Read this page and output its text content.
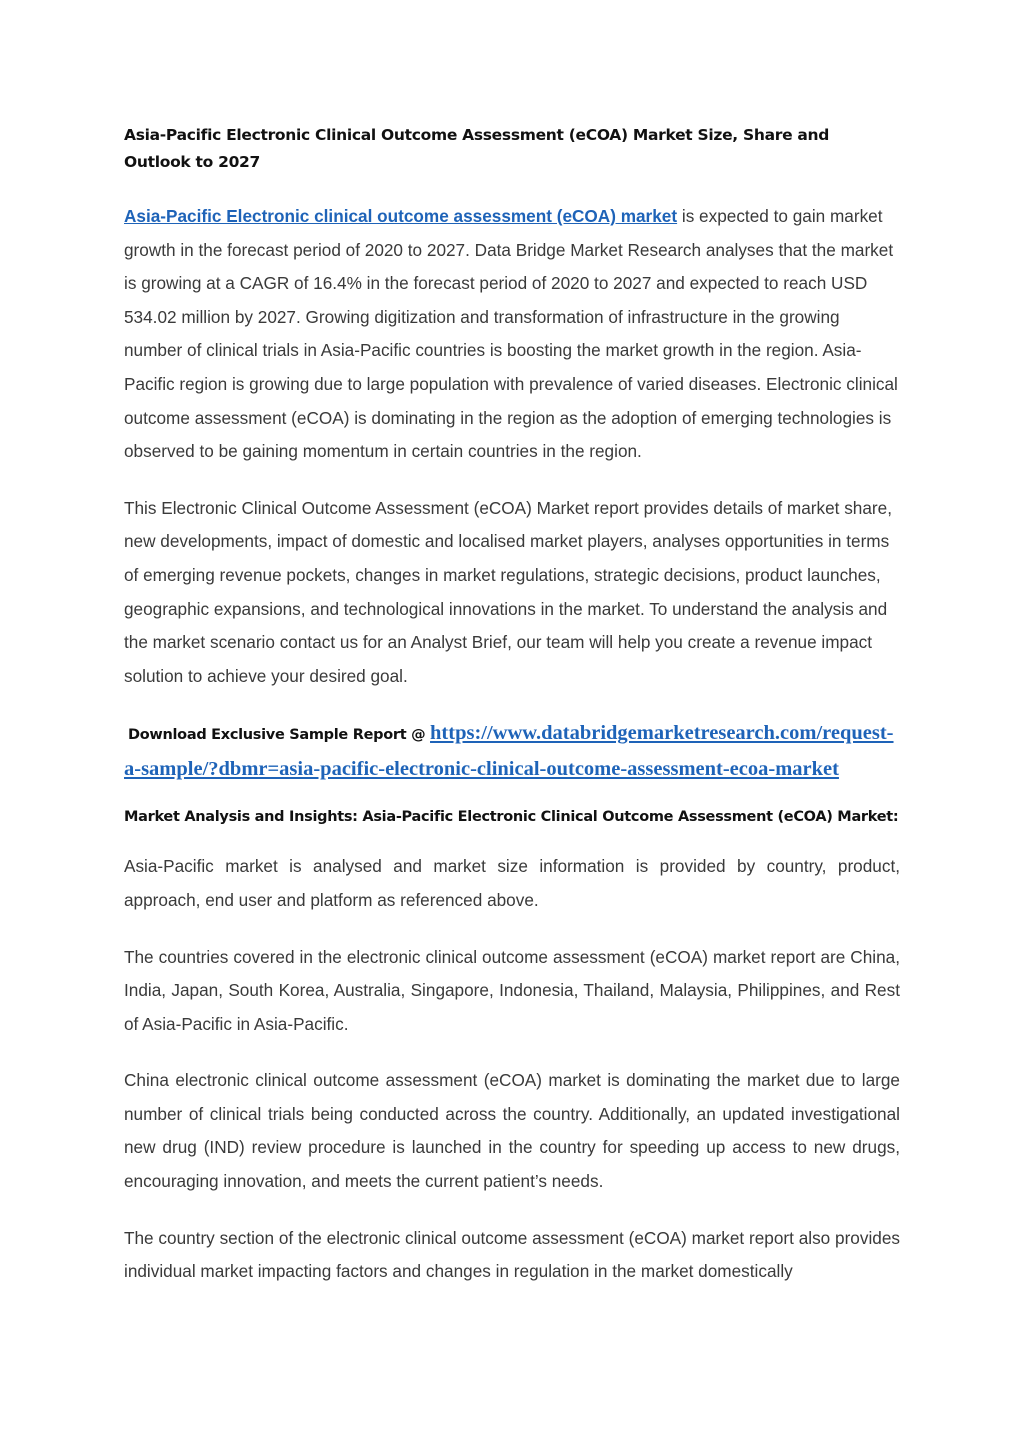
Asia-Pacific Electronic Clinical Outcome Assessment (eCOA) Market Size, Share and Outlook to 2027

Asia-Pacific Electronic clinical outcome assessment (eCOA) market is expected to gain market growth in the forecast period of 2020 to 2027. Data Bridge Market Research analyses that the market is growing at a CAGR of 16.4% in the forecast period of 2020 to 2027 and expected to reach USD 534.02 million by 2027. Growing digitization and transformation of infrastructure in the growing number of clinical trials in Asia-Pacific countries is boosting the market growth in the region. Asia-Pacific region is growing due to large population with prevalence of varied diseases. Electronic clinical outcome assessment (eCOA) is dominating in the region as the adoption of emerging technologies is observed to be gaining momentum in certain countries in the region.

This Electronic Clinical Outcome Assessment (eCOA) Market report provides details of market share, new developments, impact of domestic and localised market players, analyses opportunities in terms of emerging revenue pockets, changes in market regulations, strategic decisions, product launches, geographic expansions, and technological innovations in the market. To understand the analysis and the market scenario contact us for an Analyst Brief, our team will help you create a revenue impact solution to achieve your desired goal.

Download Exclusive Sample Report @ https://www.databridgemarketresearch.com/request-
a-sample/?dbmr=asia-pacific-electronic-clinical-outcome-assessment-ecoa-market
Market Analysis and Insights: Asia-Pacific Electronic Clinical Outcome Assessment (eCOA) Market:

Asia-Pacific market is analysed and market size information is provided by country, product, approach, end user and platform as referenced above.

The countries covered in the electronic clinical outcome assessment (eCOA) market report are China, India, Japan, South Korea, Australia, Singapore, Indonesia, Thailand, Malaysia, Philippines, and Rest of Asia-Pacific in Asia-Pacific.

China electronic clinical outcome assessment (eCOA) market is dominating the market due to large number of clinical trials being conducted across the country. Additionally, an updated investigational new drug (IND) review procedure is launched in the country for speeding up access to new drugs, encouraging innovation, and meets the current patient’s needs.

The country section of the electronic clinical outcome assessment (eCOA) market report also provides individual market impacting factors and changes in regulation in the market domestically
